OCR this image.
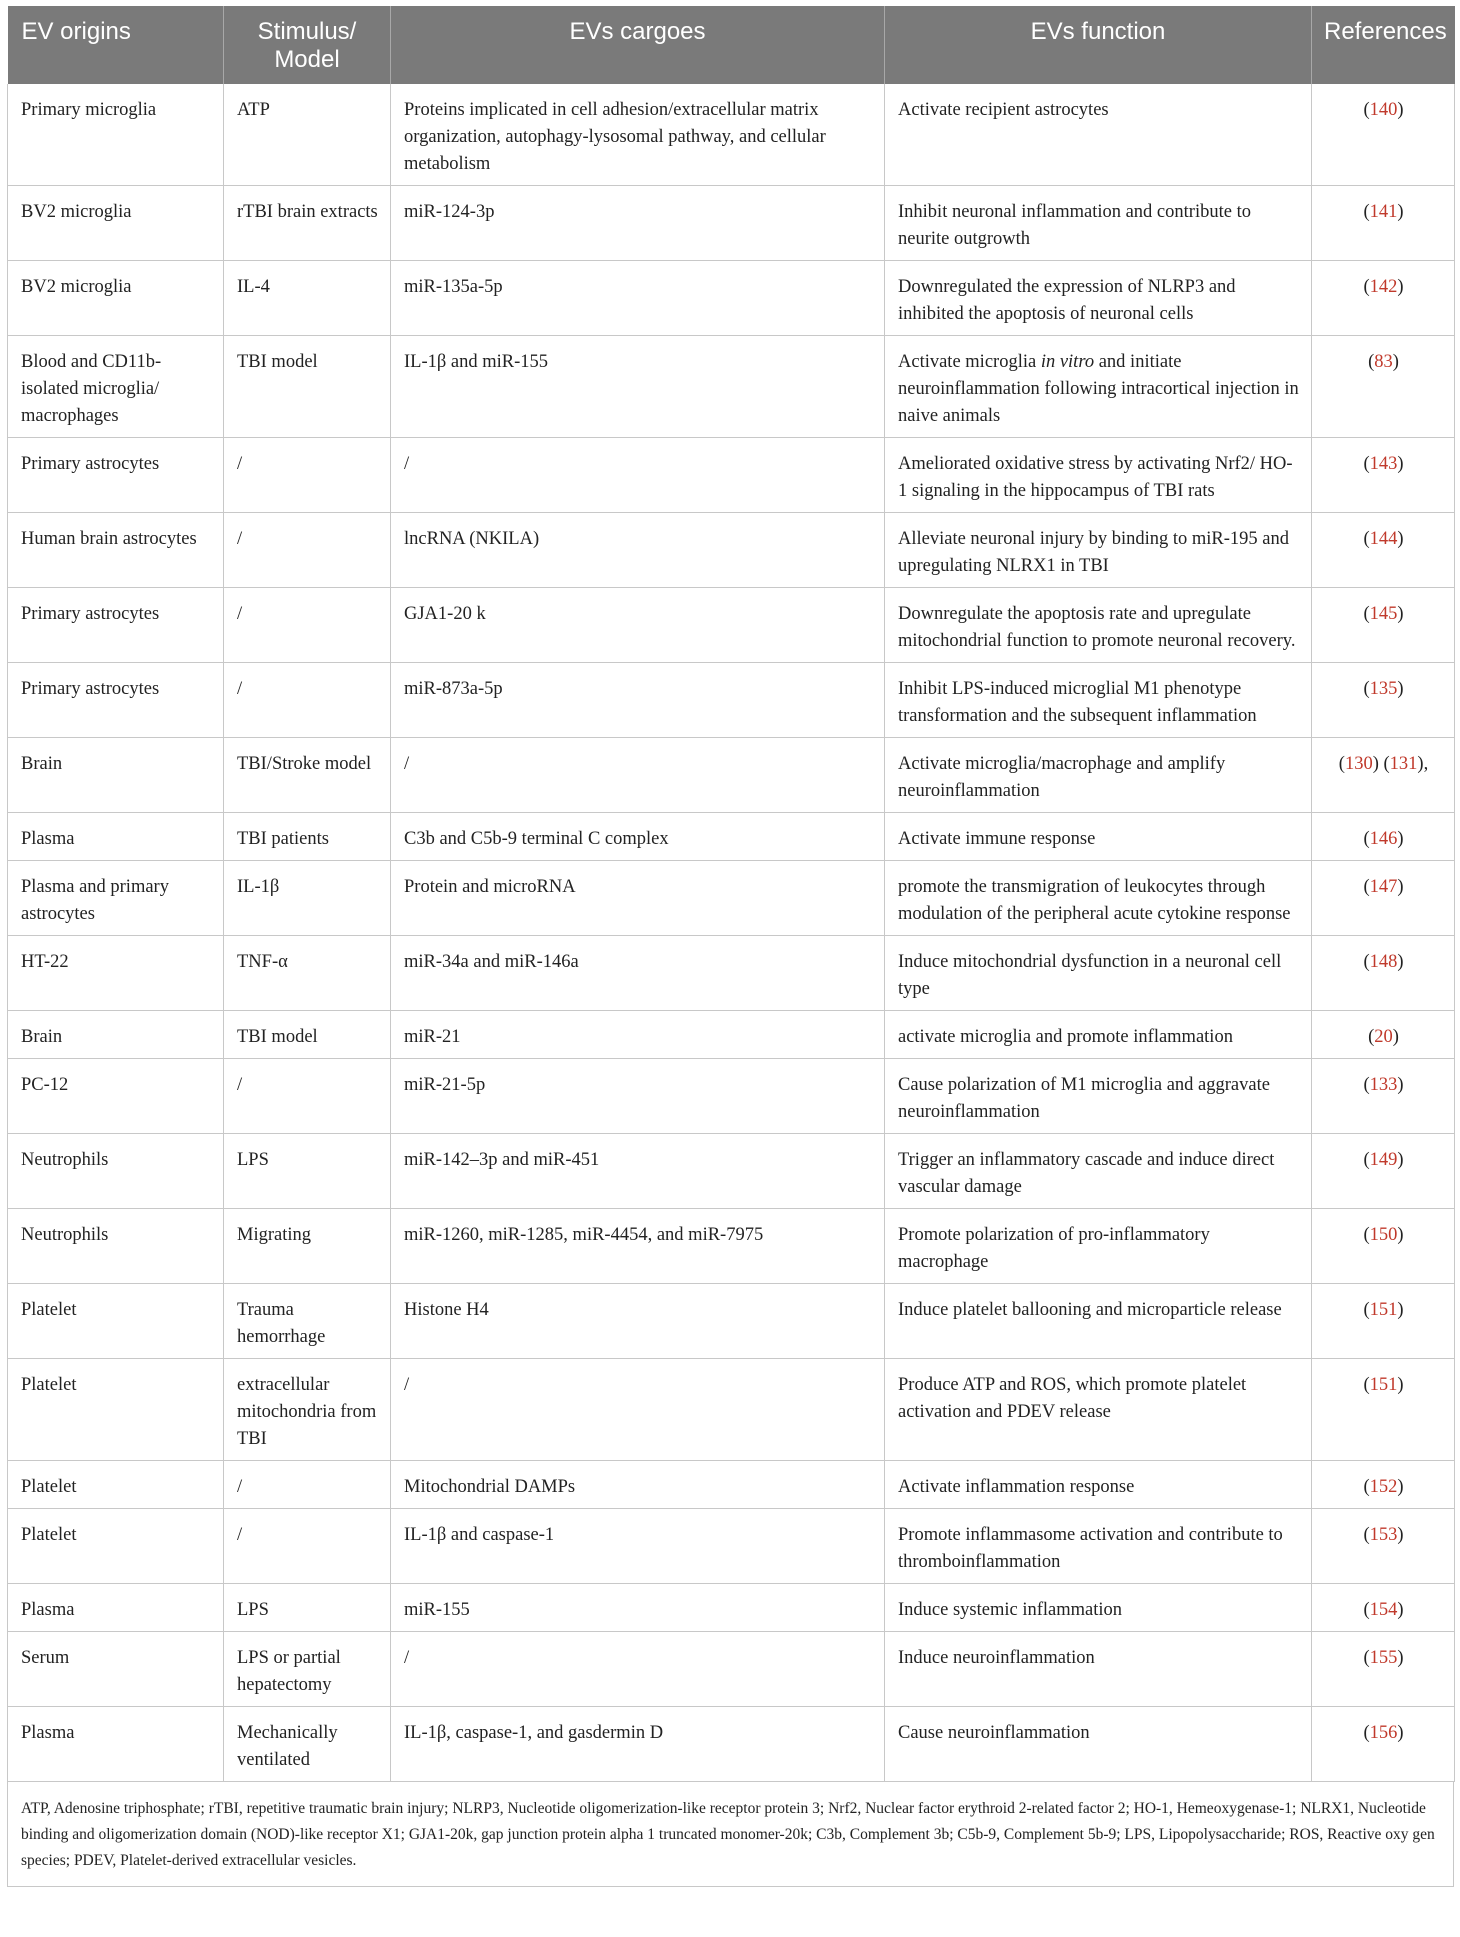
EV origins	Stimulus/ Model	EVs cargoes	EVs function	References
Primary microglia	ATP	Proteins implicated in cell adhesion/extracellular matrix organization, autophagy-lysosomal pathway, and cellular metabolism	Activate recipient astrocytes	(140)
BV2 microglia	rTBI brain extracts	miR-124-3p	Inhibit neuronal inflammation and contribute to neurite outgrowth	(141)
BV2 microglia	IL-4	miR-135a-5p	Downregulated the expression of NLRP3 and inhibited the apoptosis of neuronal cells	(142)
Blood and CD11b-isolated microglia/ macrophages	TBI model	IL-1β and miR-155	Activate microglia in vitro and initiate neuroinflammation following intracortical injection in naive animals	(83)
Primary astrocytes	/	/	Ameliorated oxidative stress by activating Nrf2/ HO-1 signaling in the hippocampus of TBI rats	(143)
Human brain astrocytes	/	lncRNA (NKILA)	Alleviate neuronal injury by binding to miR-195 and upregulating NLRX1 in TBI	(144)
Primary astrocytes	/	GJA1-20 k	Downregulate the apoptosis rate and upregulate mitochondrial function to promote neuronal recovery.	(145)
Primary astrocytes	/	miR-873a-5p	Inhibit LPS-induced microglial M1 phenotype transformation and the subsequent inflammation	(135)
Brain	TBI/Stroke model	/	Activate microglia/macrophage and amplify neuroinflammation	(130) (131),
Plasma	TBI patients	C3b and C5b-9 terminal C complex	Activate immune response	(146)
Plasma and primary astrocytes	IL-1β	Protein and microRNA	promote the transmigration of leukocytes through modulation of the peripheral acute cytokine response	(147)
HT-22	TNF-α	miR-34a and miR-146a	Induce mitochondrial dysfunction in a neuronal cell type	(148)
Brain	TBI model	miR-21	activate microglia and promote inflammation	(20)
PC-12	/	miR-21-5p	Cause polarization of M1 microglia and aggravate neuroinflammation	(133)
Neutrophils	LPS	miR-142–3p and miR-451	Trigger an inflammatory cascade and induce direct vascular damage	(149)
Neutrophils	Migrating	miR-1260, miR-1285, miR-4454, and miR-7975	Promote polarization of pro-inflammatory macrophage	(150)
Platelet	Trauma hemorrhage	Histone H4	Induce platelet ballooning and microparticle release	(151)
Platelet	extracellular mitochondria from TBI	/	Produce ATP and ROS, which promote platelet activation and PDEV release	(151)
Platelet	/	Mitochondrial DAMPs	Activate inflammation response	(152)
Platelet	/	IL-1β and caspase-1	Promote inflammasome activation and contribute to thromboinflammation	(153)
Plasma	LPS	miR-155	Induce systemic inflammation	(154)
Serum	LPS or partial hepatectomy	/	Induce neuroinflammation	(155)
Plasma	Mechanically ventilated	IL-1β, caspase-1, and gasdermin D	Cause neuroinflammation	(156)
ATP, Adenosine triphosphate; rTBI, repetitive traumatic brain injury; NLRP3, Nucleotide oligomerization-like receptor protein 3; Nrf2, Nuclear factor erythroid 2-related factor 2; HO-1, Hemeoxygenase-1; NLRX1, Nucleotide binding and oligomerization domain (NOD)-like receptor X1; GJA1-20k, gap junction protein alpha 1 truncated monomer-20k; C3b, Complement 3b; C5b-9, Complement 5b-9; LPS, Lipopolysaccharide; ROS, Reactive oxy gen species; PDEV, Platelet-derived extracellular vesicles.
